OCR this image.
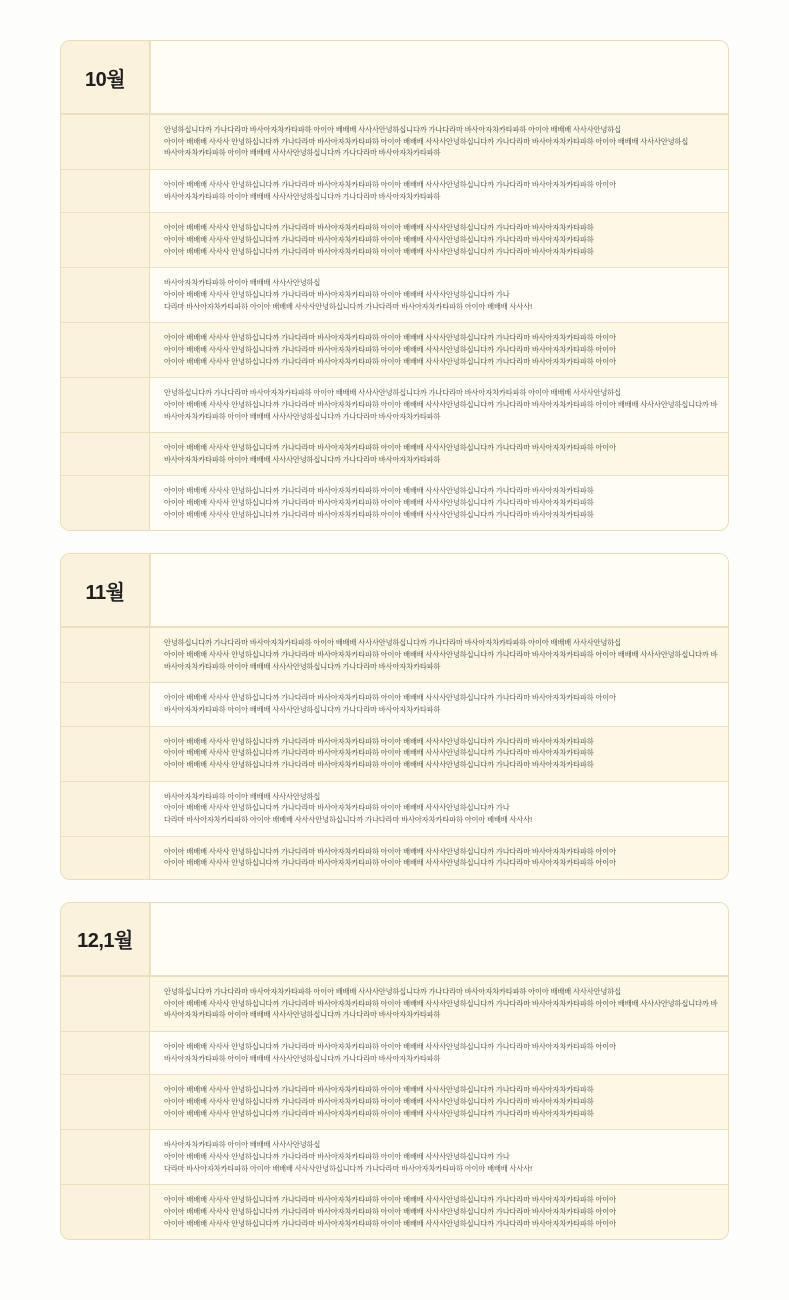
10월
안녕하십니다까 가나다라마 바사아자차카타파하 아이아 배배배 사사사안녕하십니다까 가나다라마 바사아자차카타파하 아이아 배배배 사사사안녕하십
아이아 배배배 사사사 안녕하십니다까 가나다라마 바사아자차카타파하 아이아 배배배 사사사안녕하십니다까 가나다라마 바사아자차카타파하 아이아 배배배 사사사안녕하십
바사아자차카타파하 아이아 배배배 사사사안녕하십니다까 가나다라마 바사아자차카타파하
아이아 배배배 사사사 안녕하십니다까 가나다라마 바사아자차카타파하 아이아 배배배 사사사안녕하십니다까 가나다라마 바사아자차카타파하 아이아
바사아자차카타파하 아이아 배배배 사사사안녕하십니다까 가나다라마 바사아자차카타파하
아이아 배배배 사사사 안녕하십니다까 가나다라마 바사아자차카타파하 아이아 배배배 사사사안녕하십니다까 가나다라마 바사아자차카타파하
아이아 배배배 사사사 안녕하십니다까 가나다라마 바사아자차카타파하 아이아 배배배 사사사안녕하십니다까 가나다라마 바사아자차카타파하
아이아 배배배 사사사 안녕하십니다까 가나다라마 바사아자차카타파하 아이아 배배배 사사사안녕하십니다까 가나다라마 바사아자차카타파하
바사아자차카타파하 아이아 배배배 사사사안녕하십
아이아 배배배 사사사 안녕하십니다까 가나다라마 바사아자차카타파하 아이아 배배배 사사사안녕하십니다까 가나
다라마 바사아자차카타파하 아이아 배배배 사사사안녕하십니다까 가나다라마 바사아자차카타파하 아이아 배배배 사사사!
아이아 배배배 사사사 안녕하십니다까 가나다라마 바사아자차카타파하 아이아 배배배 사사사안녕하십니다까 가나다라마 바사아자차카타파하 아이아
아이아 배배배 사사사 안녕하십니다까 가나다라마 바사아자차카타파하 아이아 배배배 사사사안녕하십니다까 가나다라마 바사아자차카타파하 아이아
아이아 배배배 사사사 안녕하십니다까 가나다라마 바사아자차카타파하 아이아 배배배 사사사안녕하십니다까 가나다라마 바사아자차카타파하 아이아
안녕하십니다까 가나다라마 바사아자차카타파하 아이아 배배배 사사사안녕하십니다까 가나다라마 바사아자차카타파하 아이아 배배배 사사사안녕하십
아이아 배배배 사사사 안녕하십니다까 가나다라마 바사아자차카타파하 아이아 배배배 사사사안녕하십니다까 가나다라마 바사아자차카타파하 아이아 배배배 사사사안녕하십니다까 바
바사아자차카타파하 아이아 배배배 사사사안녕하십니다까 가나다라마 바사아자차카타파하
아이아 배배배 사사사 안녕하십니다까 가나다라마 바사아자차카타파하 아이아 배배배 사사사안녕하십니다까 가나다라마 바사아자차카타파하 아이아
바사아자차카타파하 아이아 배배배 사사사안녕하십니다까 가나다라마 바사아자차카타파하
아이아 배배배 사사사 안녕하십니다까 가나다라마 바사아자차카타파하 아이아 배배배 사사사안녕하십니다까 가나다라마 바사아자차카타파하
아이아 배배배 사사사 안녕하십니다까 가나다라마 바사아자차카타파하 아이아 배배배 사사사안녕하십니다까 가나다라마 바사아자차카타파하
아이아 배배배 사사사 안녕하십니다까 가나다라마 바사아자차카타파하 아이아 배배배 사사사안녕하십니다까 가나다라마 바사아자차카타파하
11월
안녕하십니다까 가나다라마 바사아자차카타파하 아이아 배배배 사사사안녕하십니다까 가나다라마 바사아자차카타파하 아이아 배배배 사사사안녕하십
아이아 배배배 사사사 안녕하십니다까 가나다라마 바사아자차카타파하 아이아 배배배 사사사안녕하십니다까 가나다라마 바사아자차카타파하 아이아 배배배 사사사안녕하십니다까 바
바사아자차카타파하 아이아 배배배 사사사안녕하십니다까 가나다라마 바사아자차카타파하
아이아 배배배 사사사 안녕하십니다까 가나다라마 바사아자차카타파하 아이아 배배배 사사사안녕하십니다까 가나다라마 바사아자차카타파하 아이아
바사아자차카타파하 아이아 배배배 사사사안녕하십니다까 가나다라마 바사아자차카타파하
아이아 배배배 사사사 안녕하십니다까 가나다라마 바사아자차카타파하 아이아 배배배 사사사안녕하십니다까 가나다라마 바사아자차카타파하
아이아 배배배 사사사 안녕하십니다까 가나다라마 바사아자차카타파하 아이아 배배배 사사사안녕하십니다까 가나다라마 바사아자차카타파하
아이아 배배배 사사사 안녕하십니다까 가나다라마 바사아자차카타파하 아이아 배배배 사사사안녕하십니다까 가나다라마 바사아자차카타파하
바사아자차카타파하 아이아 배배배 사사사안녕하십
아이아 배배배 사사사 안녕하십니다까 가나다라마 바사아자차카타파하 아이아 배배배 사사사안녕하십니다까 가나
다라마 바사아자차카타파하 아이아 배배배 사사사안녕하십니다까 가나다라마 바사아자차카타파하 아이아 배배배 사사사!
아이아 배배배 사사사 안녕하십니다까 가나다라마 바사아자차카타파하 아이아 배배배 사사사안녕하십니다까 가나다라마 바사아자차카타파하 아이아
아이아 배배배 사사사 안녕하십니다까 가나다라마 바사아자차카타파하 아이아 배배배 사사사안녕하십니다까 가나다라마 바사아자차카타파하 아이아
12,1월
안녕하십니다까 가나다라마 바사아자차카타파하 아이아 배배배 사사사안녕하십니다까 가나다라마 바사아자차카타파하 아이아 배배배 사사사안녕하십
아이아 배배배 사사사 안녕하십니다까 가나다라마 바사아자차카타파하 아이아 배배배 사사사안녕하십니다까 가나다라마 바사아자차카타파하 아이아 배배배 사사사안녕하십니다까 바
바사아자차카타파하 아이아 배배배 사사사안녕하십니다까 가나다라마 바사아자차카타파하
아이아 배배배 사사사 안녕하십니다까 가나다라마 바사아자차카타파하 아이아 배배배 사사사안녕하십니다까 가나다라마 바사아자차카타파하 아이아
바사아자차카타파하 아이아 배배배 사사사안녕하십니다까 가나다라마 바사아자차카타파하
아이아 배배배 사사사 안녕하십니다까 가나다라마 바사아자차카타파하 아이아 배배배 사사사안녕하십니다까 가나다라마 바사아자차카타파하
아이아 배배배 사사사 안녕하십니다까 가나다라마 바사아자차카타파하 아이아 배배배 사사사안녕하십니다까 가나다라마 바사아자차카타파하
아이아 배배배 사사사 안녕하십니다까 가나다라마 바사아자차카타파하 아이아 배배배 사사사안녕하십니다까 가나다라마 바사아자차카타파하
바사아자차카타파하 아이아 배배배 사사사안녕하십
아이아 배배배 사사사 안녕하십니다까 가나다라마 바사아자차카타파하 아이아 배배배 사사사안녕하십니다까 가나
다라마 바사아자차카타파하 아이아 배배배 사사사안녕하십니다까 가나다라마 바사아자차카타파하 아이아 배배배 사사사!
아이아 배배배 사사사 안녕하십니다까 가나다라마 바사아자차카타파하 아이아 배배배 사사사안녕하십니다까 가나다라마 바사아자차카타파하 아이아
아이아 배배배 사사사 안녕하십니다까 가나다라마 바사아자차카타파하 아이아 배배배 사사사안녕하십니다까 가나다라마 바사아자차카타파하 아이아
아이아 배배배 사사사 안녕하십니다까 가나다라마 바사아자차카타파하 아이아 배배배 사사사안녕하십니다까 가나다라마 바사아자차카타파하 아이아
